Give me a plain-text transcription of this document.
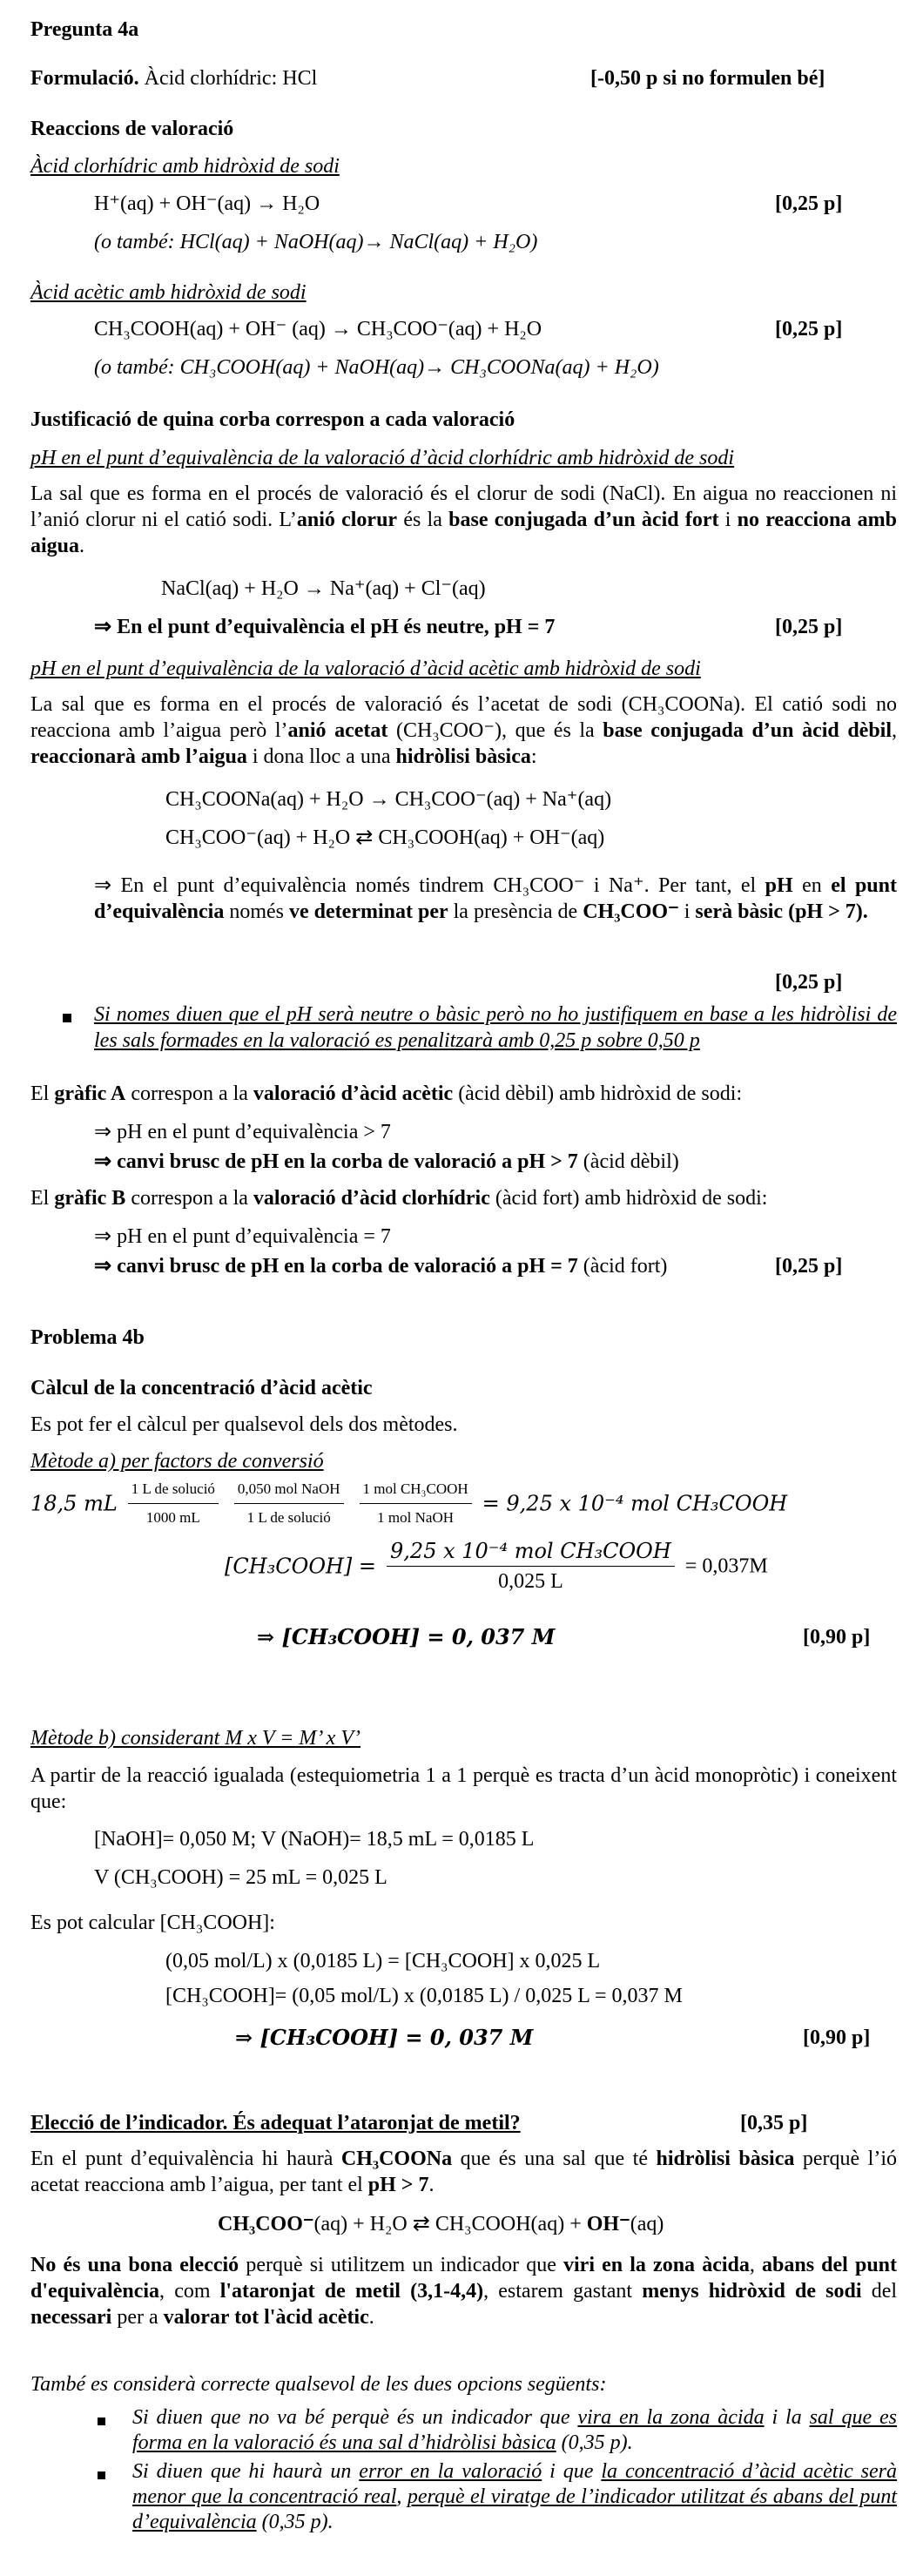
Pregunta 4a
Formulació. Àcid clorhídric: HCl	[-0,50 p si no formulen bé]
Reaccions de valoració
Àcid clorhídric amb hidròxid de sodi
H⁺(aq) + OH⁻(aq) → H₂O	[0,25 p]
(o també: HCl(aq) + NaOH(aq)→ NaCl(aq) + H₂O)
Àcid acètic amb hidròxid de sodi
CH₃COOH(aq) + OH⁻ (aq) → CH₃COO⁻(aq) + H₂O	[0,25 p]
(o també: CH₃COOH(aq) + NaOH(aq)→ CH₃COONa(aq) + H₂O)
Justificació de quina corba correspon a cada valoració
pH en el punt d’equivalència de la valoració d’àcid clorhídric amb hidròxid de sodi
La sal que es forma en el procés de valoració és el clorur de sodi (NaCl). En aigua no reaccionen ni l’anió clorur ni el catió sodi. L’anió clorur és la base conjugada d’un àcid fort i no reacciona amb aigua.
NaCl(aq) + H₂O → Na⁺(aq) + Cl⁻(aq)
⇒ En el punt d’equivalència el pH és neutre, pH = 7	[0,25 p]
pH en el punt d’equivalència de la valoració d’àcid acètic amb hidròxid de sodi
La sal que es forma en el procés de valoració és l’acetat de sodi (CH₃COONa). El catió sodi no reacciona amb l’aigua però l’anió acetat (CH₃COO⁻), que és la base conjugada d’un àcid dèbil, reaccionarà amb l’aigua i dona lloc a una hidròlisi bàsica:
CH₃COONa(aq) + H₂O → CH₃COO⁻(aq) + Na⁺(aq)
CH₃COO⁻(aq) + H₂O ⇄ CH₃COOH(aq) + OH⁻(aq)
⇒ En el punt d’equivalència només tindrem CH₃COO⁻ i Na⁺. Per tant, el pH en el punt d’equivalència només ve determinat per la presència de CH₃COO⁻ i serà bàsic (pH > 7).
[0,25 p]
Si nomes diuen que el pH serà neutre o bàsic però no ho justifiquem en base a les hidròlisi de les sals formades en la valoració es penalitzarà amb 0,25 p sobre 0,50 p
El gràfic A correspon a la valoració d’àcid acètic (àcid dèbil) amb hidròxid de sodi:
⇒ pH en el punt d’equivalència > 7
⇒ canvi brusc de pH en la corba de valoració a pH > 7 (àcid dèbil)
El gràfic B correspon a la valoració d’àcid clorhídric (àcid fort) amb hidròxid de sodi:
⇒ pH en el punt d’equivalència = 7
⇒ canvi brusc de pH en la corba de valoració a pH = 7 (àcid fort)	[0,25 p]
Problema 4b
Càlcul de la concentració d’àcid acètic
Es pot fer el càlcul per qualsevol dels dos mètodes.
Mètode a) per factors de conversió
18,5 mL $\frac{\text{1 L de solució}}{1000 mL}$
$\frac{\text{0,050 mol NaOH}}{\text{1 L de solució}}$
$\frac{\text{1 mol CH₃COOH}}{\text{1 mol NaOH}} = 9,25$ x 10⁻⁴ mol CH₃COOH
[CH₃COOH] = $\frac{\text{9,25 x 10⁻⁴ mol CH₃COOH}}{0,025 L} = 0,037M$
⇒ [CH₃COOH] = 0, 037 M	[0,90 p]
Mètode b) considerant M x V = M’ x V’
A partir de la reacció igualada (estequiometria 1 a 1 perquè es tracta d’un àcid monopròtic) i coneixent que:
[NaOH]= 0,050 M; V (NaOH)= 18,5 mL = 0,0185 L
V (CH₃COOH) = 25 mL = 0,025 L
Es pot calcular [CH₃COOH]:
(0,05 mol/L) x (0,0185 L) = [CH₃COOH] x 0,025 L
[CH₃COOH]= (0,05 mol/L) x (0,0185 L) / 0,025 L = 0,037 M
⇒ [CH₃COOH] = 0, 037 M	[0,90 p]
Elecció de l’indicador. És adequat l’ataronjat de metil?	[0,35 p]
En el punt d’equivalència hi haurà CH₃COONa que és una sal que té hidròlisi bàsica perquè l’ió acetat reacciona amb l’aigua, per tant el pH > 7.
CH₃COO⁻(aq) + H₂O ⇄ CH₃COOH(aq) + OH⁻(aq)
No és una bona elecció perquè si utilitzem un indicador que viri en la zona àcida, abans del punt d'equivalència, com l'ataronjat de metil (3,1-4,4), estarem gastant menys hidròxid de sodi del necessari per a valorar tot l'àcid acètic.
També es considerà correcte qualsevol de les dues opcions següents:
Si diuen que no va bé perquè és un indicador que vira en la zona àcida i la sal que es forma en la valoració és una sal d’hidròlisi bàsica (0,35 p).
Si diuen que hi haurà un error en la valoració i que la concentració d’àcid acètic serà menor que la concentració real, perquè el viratge de l’indicador utilitzat és abans del punt d’equivalència (0,35 p).
